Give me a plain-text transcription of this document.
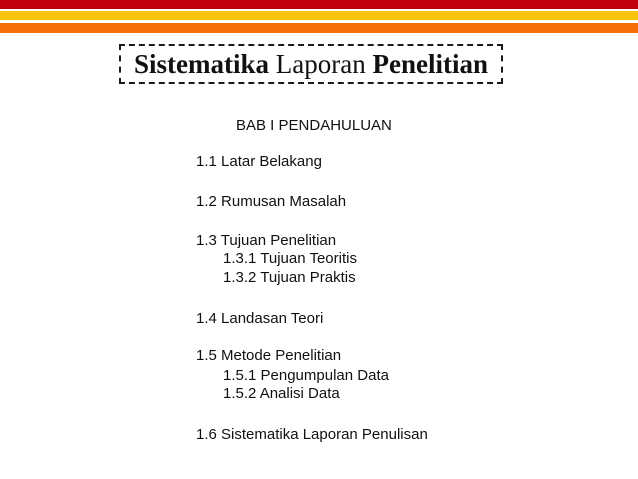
Sistematika
Laporan
Penelitian
BAB I PENDAHULUAN
1.1 Latar Belakang
1.2 Rumusan Masalah
1.3 Tujuan Penelitian
1.3.1 Tujuan Teoritis
1.3.2 Tujuan Praktis
1.4 Landasan Teori
1.5 Metode Penelitian
1.5.1 Pengumpulan Data
1.5.2 Analisi Data
1.6 Sistematika Laporan Penulisan
